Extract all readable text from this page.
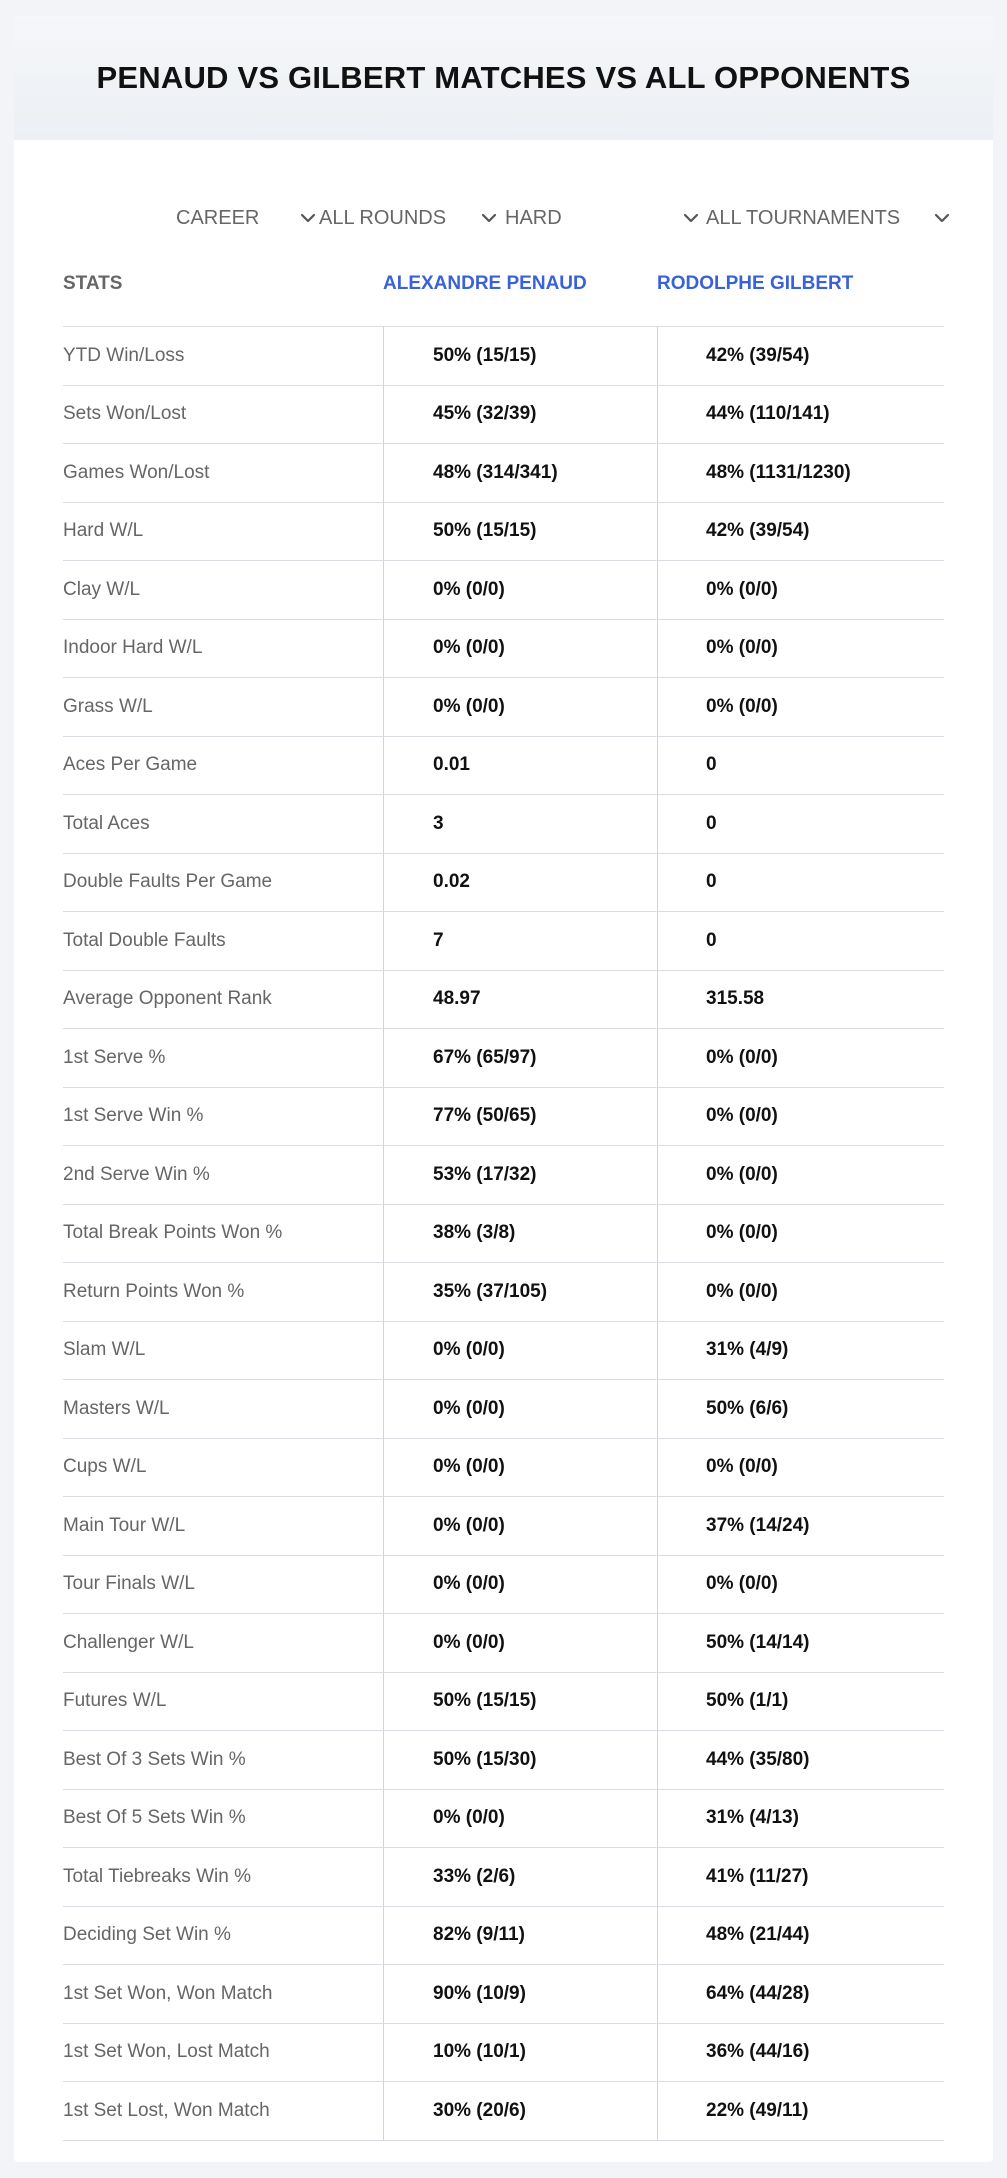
PENAUD VS GILBERT MATCHES VS ALL OPPONENTS
CAREER	ALL ROUNDS	HARD	ALL TOURNAMENTS
STATS	ALEXANDRE PENAUD	RODOLPHE GILBERT
YTD Win/Loss	50% (15/15)	42% (39/54)
Sets Won/Lost	45% (32/39)	44% (110/141)
Games Won/Lost	48% (314/341)	48% (1131/1230)
Hard W/L	50% (15/15)	42% (39/54)
Clay W/L	0% (0/0)	0% (0/0)
Indoor Hard W/L	0% (0/0)	0% (0/0)
Grass W/L	0% (0/0)	0% (0/0)
Aces Per Game	0.01	0
Total Aces	3	0
Double Faults Per Game	0.02	0
Total Double Faults	7	0
Average Opponent Rank	48.97	315.58
1st Serve %	67% (65/97)	0% (0/0)
1st Serve Win %	77% (50/65)	0% (0/0)
2nd Serve Win %	53% (17/32)	0% (0/0)
Total Break Points Won %	38% (3/8)	0% (0/0)
Return Points Won %	35% (37/105)	0% (0/0)
Slam W/L	0% (0/0)	31% (4/9)
Masters W/L	0% (0/0)	50% (6/6)
Cups W/L	0% (0/0)	0% (0/0)
Main Tour W/L	0% (0/0)	37% (14/24)
Tour Finals W/L	0% (0/0)	0% (0/0)
Challenger W/L	0% (0/0)	50% (14/14)
Futures W/L	50% (15/15)	50% (1/1)
Best Of 3 Sets Win %	50% (15/30)	44% (35/80)
Best Of 5 Sets Win %	0% (0/0)	31% (4/13)
Total Tiebreaks Win %	33% (2/6)	41% (11/27)
Deciding Set Win %	82% (9/11)	48% (21/44)
1st Set Won, Won Match	90% (10/9)	64% (44/28)
1st Set Won, Lost Match	10% (10/1)	36% (44/16)
1st Set Lost, Won Match	30% (20/6)	22% (49/11)
